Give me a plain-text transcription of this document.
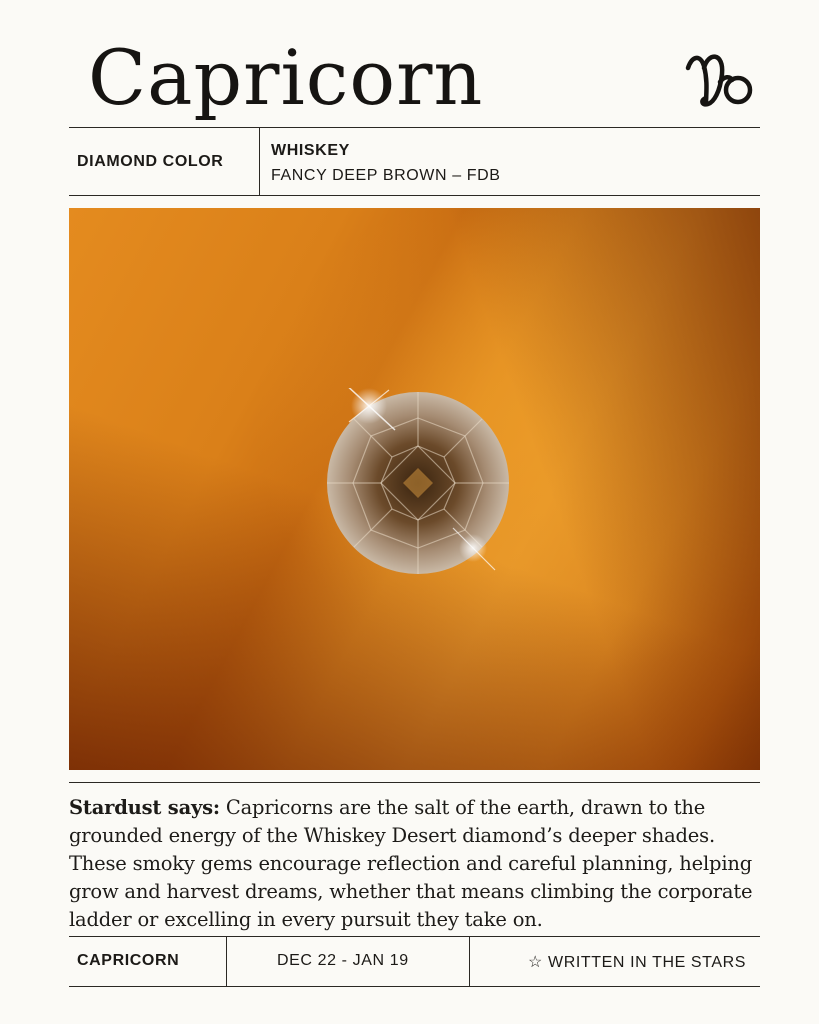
Capricorn
DIAMOND COLOR
WHISKEY
FANCY DEEP BROWN – FDB
Stardust says: Capricorns are the salt of the earth, drawn to the grounded energy of the Whiskey Desert diamond’s deeper shades. These smoky gems encourage reflection and careful planning, helping grow and harvest dreams, whether that means climbing the corporate ladder or excelling in every pursuit they take on.
CAPRICORN	DEC 22 - JAN 19	☆ WRITTEN IN THE STARS
